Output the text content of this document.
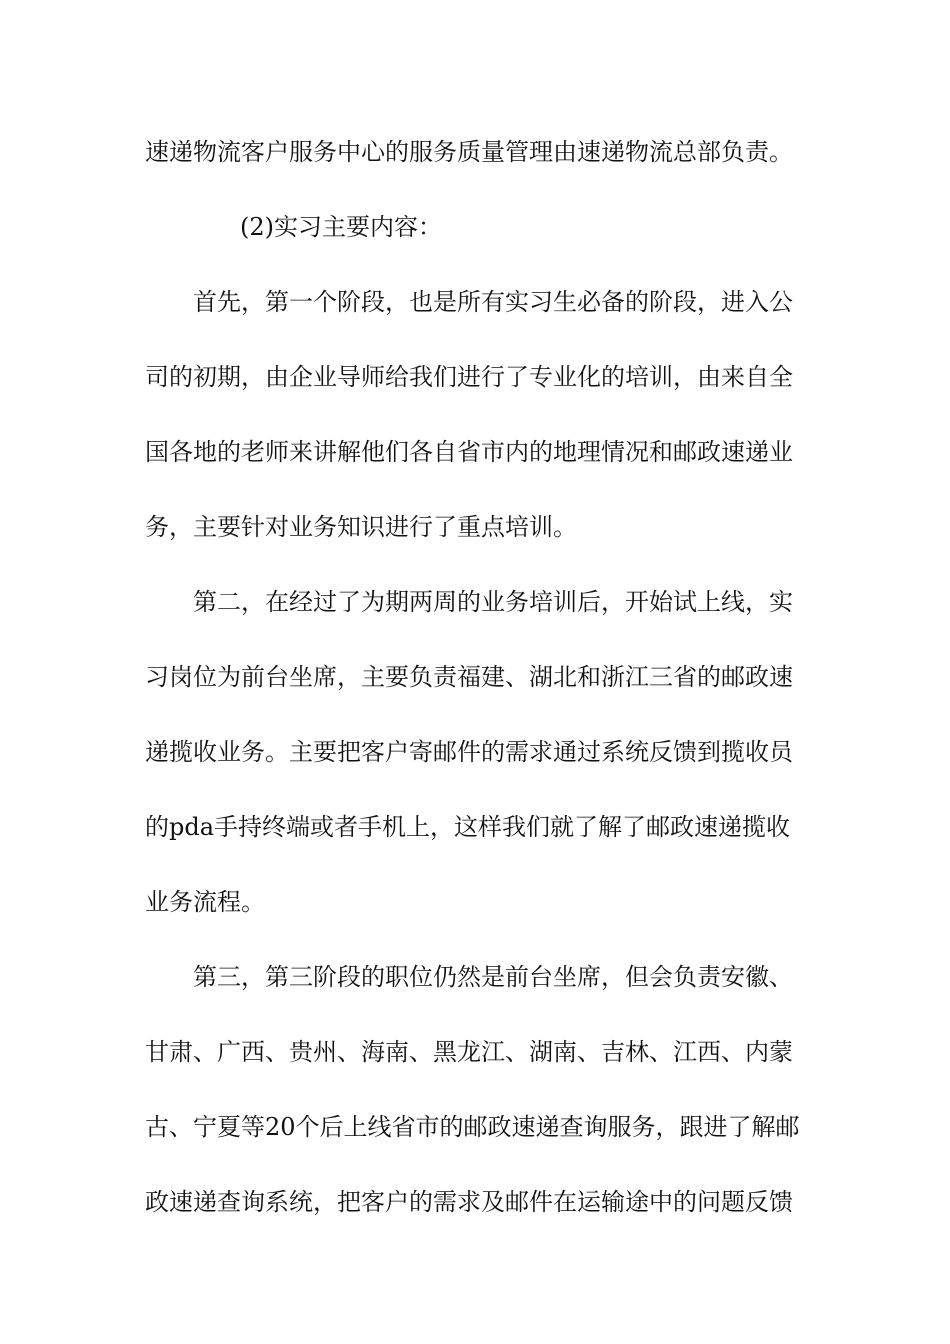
速递物流客户服务中心的服务质量管理由速递物流总部负责。

(2)实习主要内容：

首先，第一个阶段，也是所有实习生必备的阶段，进入公

司的初期，由企业导师给我们进行了专业化的培训，由来自全

国各地的老师来讲解他们各自省市内的地理情况和邮政速递业

务，主要针对业务知识进行了重点培训。

第二，在经过了为期两周的业务培训后，开始试上线，实

习岗位为前台坐席，主要负责福建、湖北和浙江三省的邮政速

递揽收业务。主要把客户寄邮件的需求通过系统反馈到揽收员

的pda手持终端或者手机上，这样我们就了解了邮政速递揽收

业务流程。

第三，第三阶段的职位仍然是前台坐席，但会负责安徽、

甘肃、广西、贵州、海南、黑龙江、湖南、吉林、江西、内蒙

古、宁夏等20个后上线省市的邮政速递查询服务，跟进了解邮

政速递查询系统，把客户的需求及邮件在运输途中的问题反馈
